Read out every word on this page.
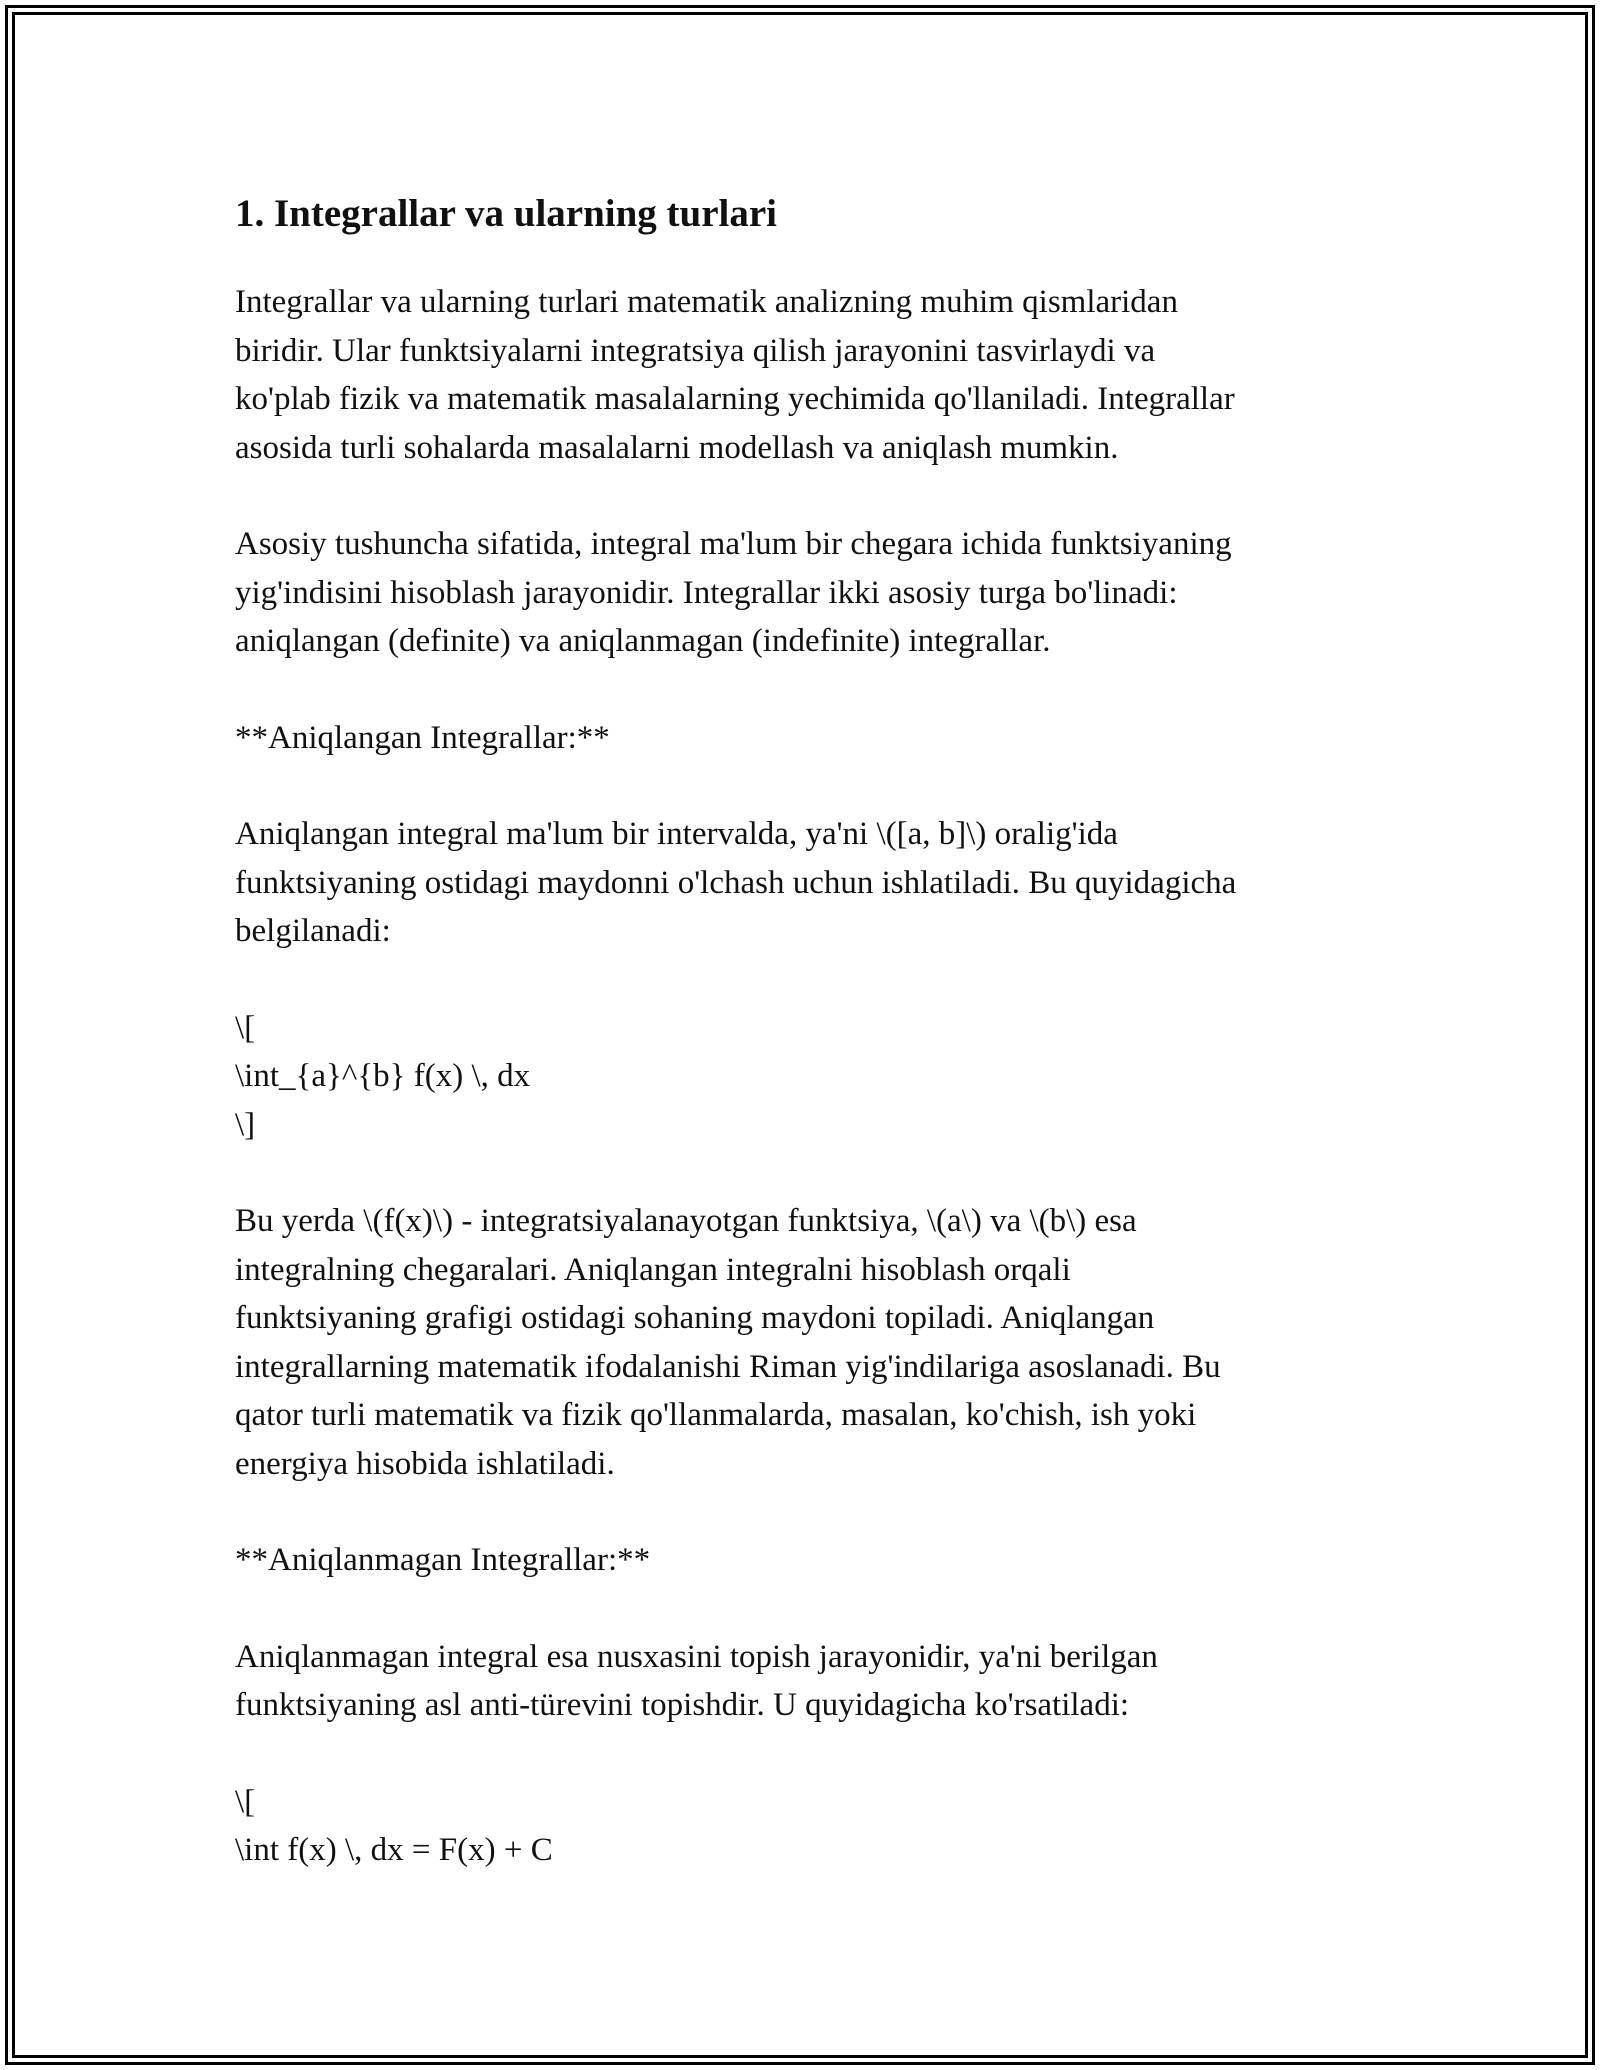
1. Integrallar va ularning turlari
Integrallar va ularning turlari matematik analizning muhim qismlaridan
biridir. Ular funktsiyalarni integratsiya qilish jarayonini tasvirlaydi va
ko'plab fizik va matematik masalalarning yechimida qo'llaniladi. Integrallar
asosida turli sohalarda masalalarni modellash va aniqlash mumkin.
Asosiy tushuncha sifatida, integral ma'lum bir chegara ichida funktsiyaning
yig'indisini hisoblash jarayonidir. Integrallar ikki asosiy turga bo'linadi:
aniqlangan (definite) va aniqlanmagan (indefinite) integrallar.
**Aniqlangan Integrallar:**
Aniqlangan integral ma'lum bir intervalda, ya'ni \([a, b]\) oralig'ida
funktsiyaning ostidagi maydonni o'lchash uchun ishlatiladi. Bu quyidagicha
belgilanadi:
\[
\int_{a}^{b} f(x) \, dx
\]
Bu yerda \(f(x)\) - integratsiyalanayotgan funktsiya, \(a\) va \(b\) esa
integralning chegaralari. Aniqlangan integralni hisoblash orqali
funktsiyaning grafigi ostidagi sohaning maydoni topiladi. Aniqlangan
integrallarning matematik ifodalanishi Riman yig'indilariga asoslanadi. Bu
qator turli matematik va fizik qo'llanmalarda, masalan, ko'chish, ish yoki
energiya hisobida ishlatiladi.
**Aniqlanmagan Integrallar:**
Aniqlanmagan integral esa nusxasini topish jarayonidir, ya'ni berilgan
funktsiyaning asl anti-türevini topishdir. U quyidagicha ko'rsatiladi:
\[
\int f(x) \, dx = F(x) + C
